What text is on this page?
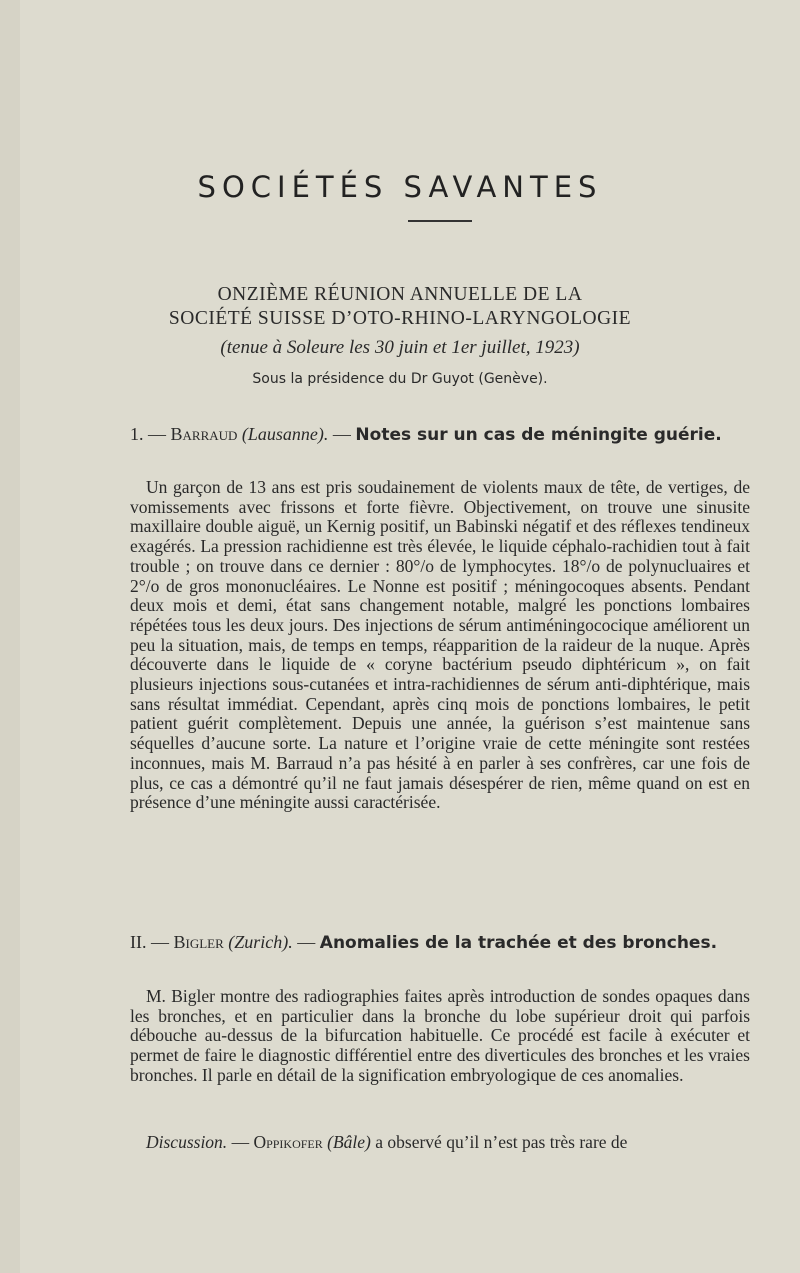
SOCIÉTÉS SAVANTES
ONZIÈME RÉUNION ANNUELLE DE LA
SOCIÉTÉ SUISSE D’OTO-RHINO-LARYNGOLOGIE
(tenue à Soleure les 30 juin et 1er juillet, 1923)
Sous la présidence du Dr Guyot (Genève).
1. — Barraud (Lausanne). — Notes sur un cas de méningite guérie.
Un garçon de 13 ans est pris soudainement de violents maux de tête, de vertiges, de vomissements avec frissons et forte fièvre. Objectivement, on trouve une sinusite maxillaire double aiguë, un Kernig positif, un Babinski négatif et des réflexes tendineux exagérés. La pression rachidienne est très élevée, le liquide céphalo-rachidien tout à fait trouble ; on trouve dans ce dernier : 80°/o de lymphocytes. 18°/o de polynucluaires et 2°/o de gros mononucléaires. Le Nonne est positif ; méningocoques absents. Pendant deux mois et demi, état sans changement notable, malgré les ponctions lombaires répétées tous les deux jours. Des injections de sérum antiméningococique améliorent un peu la situation, mais, de temps en temps, réapparition de la raideur de la nuque. Après découverte dans le liquide de « coryne bactérium pseudo diphtéricum », on fait plusieurs injections sous-cutanées et intra-rachidiennes de sérum anti-diphtérique, mais sans résultat immédiat. Cependant, après cinq mois de ponctions lombaires, le petit patient guérit complètement. Depuis une année, la guérison s’est maintenue sans séquelles d’aucune sorte. La nature et l’origine vraie de cette méningite sont restées inconnues, mais M. Barraud n’a pas hésité à en parler à ses confrères, car une fois de plus, ce cas a démontré qu’il ne faut jamais désespérer de rien, même quand on est en présence d’une méningite aussi caractérisée.
II. — Bigler (Zurich). — Anomalies de la trachée et des bronches.
M. Bigler montre des radiographies faites après introduction de sondes opaques dans les bronches, et en particulier dans la bronche du lobe supérieur droit qui parfois débouche au-dessus de la bifurcation habituelle. Ce procédé est facile à exécuter et permet de faire le diagnostic différentiel entre des diverticules des bronches et les vraies bronches. Il parle en détail de la signification embryologique de ces anomalies.
Discussion. — Oppikofer (Bâle) a observé qu’il n’est pas très rare de
